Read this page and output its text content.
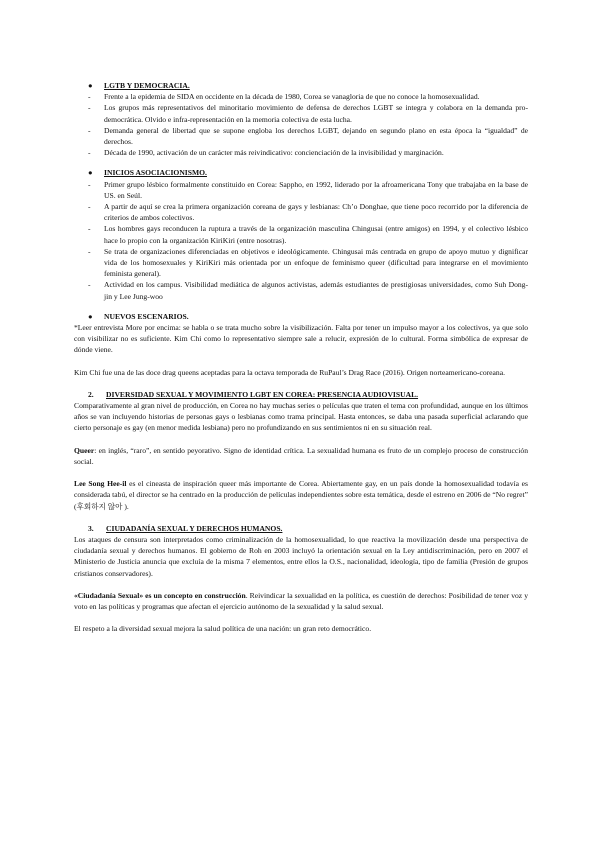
● LGTB Y DEMOCRACIA.
- Frente a la epidemia de SIDA en occidente en la década de 1980, Corea se vanagloria de que no conoce la homosexualidad.
- Los grupos más representativos del minoritario movimiento de defensa de derechos LGBT se integra y colabora en la demanda pro-democrática. Olvido e infra-representación en la memoria colectiva de esta lucha.
- Demanda general de libertad que se supone engloba los derechos LGBT, dejando en segundo plano en esta época la “igualdad” de derechos.
- Década de 1990, activación de un carácter más reivindicativo: concienciación de la invisibilidad y marginación.
● INICIOS ASOCIACIONISMO.
- Primer grupo lésbico formalmente constituido en Corea: Sappho, en 1992, liderado por la afroamericana Tony que trabajaba en la base de US. en Seúl.
- A partir de aquí se crea la primera organización coreana de gays y lesbianas: Ch’o Donghae, que tiene poco recorrido por la diferencia de criterios de ambos colectivos.
- Los hombres gays reconducen la ruptura a través de la organización masculina Chingusai (entre amigos) en 1994, y el colectivo lésbico hace lo propio con la organización KiriKiri (entre nosotras).
- Se trata de organizaciones diferenciadas en objetivos e ideológicamente. Chingusai más centrada en grupo de apoyo mutuo y dignificar vida de los homosexuales y KiriKiri más orientada por un enfoque de feminismo queer (dificultad para integrarse en el movimiento feminista general).
- Actividad en los campus. Visibilidad mediática de algunos activistas, además estudiantes de prestigiosas universidades, como Suh Dong-jin y Lee Jung-woo
● NUEVOS ESCENARIOS.

*Leer entrevista More por encima: se habla o se trata mucho sobre la visibilización. Falta por tener un impulso mayor a los colectivos, ya que solo con visibilizar no es suficiente. Kim Chi como lo representativo siempre sale a relucir, expresión de lo cultural. Forma simbólica de expresar de dónde viene.

Kim Chi fue una de las doce drag queens aceptadas para la octava temporada de RuPaul’s Drag Race (2016). Origen norteamericano-coreana.

2. DIVERSIDAD SEXUAL Y MOVIMIENTO LGBT EN COREA: PRESENCIA AUDIOVISUAL.

Comparativamente al gran nivel de producción, en Corea no hay muchas series o películas que traten el tema con profundidad, aunque en los últimos años se van incluyendo historias de personas gays o lesbianas como trama principal. Hasta entonces, se daba una pasada superficial aclarando que cierto personaje es gay (en menor medida lesbiana) pero no profundizando en sus sentimientos ni en su situación real.

Queer: en inglés, “raro”, en sentido peyorativo. Signo de identidad crítica. La sexualidad humana es fruto de un complejo proceso de construcción social.

Lee Song Hee-il es el cineasta de inspiración queer más importante de Corea. Abiertamente gay, en un país donde la homosexualidad todavía es considerada tabú, el director se ha centrado en la producción de películas independientes sobre esta temática, desde el estreno en 2006 de “No regret” (후회하지 않아 ).

3. CIUDADANÍA SEXUAL Y DERECHOS HUMANOS.

Los ataques de censura son interpretados como criminalización de la homosexualidad, lo que reactiva la movilización desde una perspectiva de ciudadanía sexual y derechos humanos. El gobierno de Roh en 2003 incluyó la orientación sexual en la Ley antidiscriminación, pero en 2007 el Ministerio de Justicia anuncia que excluía de la misma 7 elementos, entre ellos la O.S., nacionalidad, ideología, tipo de familia (Presión de grupos cristianos conservadores).

«Ciudadanía Sexual» es un concepto en construcción. Reivindicar la sexualidad en la política, es cuestión de derechos: Posibilidad de tener voz y voto en las políticas y programas que afectan el ejercicio autónomo de la sexualidad y la salud sexual.

El respeto a la diversidad sexual mejora la salud política de una nación: un gran reto democrático.
